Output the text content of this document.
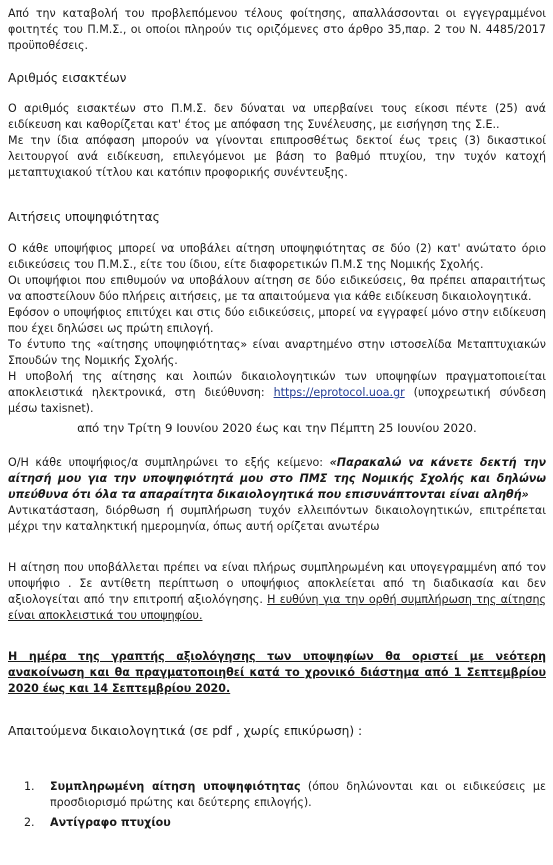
Από την καταβολή του προβλεπόμενου τέλους φοίτησης, απαλλάσσονται οι εγγεγραμμένοι φοιτητές του Π.Μ.Σ., οι οποίοι πληρούν τις οριζόμενες στο άρθρο 35,παρ. 2 του Ν. 4485/2017 προϋποθέσεις.

Αριθμός εισακτέων

Ο αριθμός εισακτέων στο Π.Μ.Σ. δεν δύναται να υπερβαίνει τους είκοσι πέντε (25) ανά ειδίκευση και καθορίζεται κατ' έτος με απόφαση της Συνέλευσης, με εισήγηση της Σ.Ε..

Με την ίδια απόφαση μπορούν να γίνονται επιπροσθέτως δεκτοί έως τρεις (3) δικαστικοί λειτουργοί ανά ειδίκευση, επιλεγόμενοι με βάση το βαθμό πτυχίου, την τυχόν κατοχή μεταπτυχιακού τίτλου και κατόπιν προφορικής συνέντευξης.

Αιτήσεις υποψηφιότητας

Ο κάθε υποψήφιος μπορεί να υποβάλει αίτηση υποψηφιότητας σε δύο (2) κατ' ανώτατο όριο ειδικεύσεις του Π.Μ.Σ., είτε του ίδιου, είτε διαφορετικών Π.Μ.Σ της Νομικής Σχολής.

Οι υποψήφιοι που επιθυμούν να υποβάλουν αίτηση σε δύο ειδικεύσεις, θα πρέπει απαραιτήτως να αποστείλουν δύο πλήρεις αιτήσεις, με τα απαιτούμενα για κάθε ειδίκευση δικαιολογητικά.

Εφόσον ο υποψήφιος επιτύχει και στις δύο ειδικεύσεις, μπορεί να εγγραφεί μόνο στην ειδίκευση που έχει δηλώσει ως πρώτη επιλογή.

Το έντυπο της «αίτησης υποψηφιότητας» είναι αναρτημένο στην ιστοσελίδα Μεταπτυχιακών Σπουδών της Νομικής Σχολής.

Η υποβολή της αίτησης και λοιπών δικαιολογητικών των υποψηφίων πραγματοποιείται αποκλειστικά ηλεκτρονικά, στη διεύθυνση: https://eprotocol.uoa.gr (υποχρεωτική σύνδεση μέσω taxisnet).

από την Τρίτη 9 Ιουνίου 2020 έως και την Πέμπτη 25 Ιουνίου 2020.

Ο/Η κάθε υποψήφιος/α συμπληρώνει το εξής κείμενο: «Παρακαλώ να κάνετε δεκτή την αίτησή μου για την υποψηφιότητά μου στο ΠΜΣ της Νομικής Σχολής και δηλώνω υπεύθυνα ότι όλα τα απαραίτητα δικαιολογητικά που επισυνάπτονται είναι αληθή»
Αντικατάσταση, διόρθωση ή συμπλήρωση τυχόν ελλειπόντων δικαιολογητικών, επιτρέπεται μέχρι την καταληκτική ημερομηνία, όπως αυτή ορίζεται ανωτέρω

Η αίτηση που υποβάλλεται πρέπει να είναι πλήρως συμπληρωμένη και υπογεγραμμένη από τον υποψήφιο . Σε αντίθετη περίπτωση ο υποψήφιος αποκλείεται από τη διαδικασία και δεν αξιολογείται από την επιτροπή αξιολόγησης. Η ευθύνη για την ορθή συμπλήρωση της αίτησης είναι αποκλειστικά του υποψηφίου.

Η ημέρα της γραπτής αξιολόγησης των υποψηφίων θα οριστεί με νεότερη ανακοίνωση και θα πραγματοποιηθεί κατά το χρονικό διάστημα από 1 Σεπτεμβρίου 2020 έως και 14 Σεπτεμβρίου 2020.

Απαιτούμενα δικαιολογητικά (σε pdf , χωρίς επικύρωση) :
1. Συμπληρωμένη αίτηση υποψηφιότητας (όπου δηλώνονται και οι ειδικεύσεις με προσδιορισμό πρώτης και δεύτερης επιλογής).
2. Αντίγραφο πτυχίου
